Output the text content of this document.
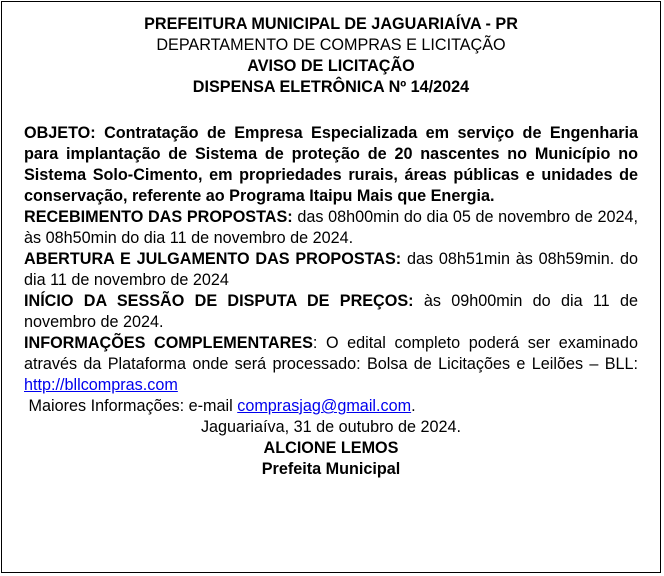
PREFEITURA MUNICIPAL DE JAGUARIAÍVA - PR
DEPARTAMENTO DE COMPRAS E LICITAÇÃO
AVISO DE LICITAÇÃO
DISPENSA ELETRÔNICA Nº 14/2024

OBJETO: Contratação de Empresa Especializada em serviço de Engenharia para implantação de Sistema de proteção de 20 nascentes no Município no Sistema Solo-Cimento, em propriedades rurais, áreas públicas e unidades de conservação, referente ao Programa Itaipu Mais que Energia.

RECEBIMENTO DAS PROPOSTAS: das 08h00min do dia 05 de novembro de 2024, às 08h50min do dia 11 de novembro de 2024.

ABERTURA E JULGAMENTO DAS PROPOSTAS: das 08h51min às 08h59min. do dia 11 de novembro de 2024

INÍCIO DA SESSÃO DE DISPUTA DE PREÇOS: às 09h00min do dia 11 de novembro de 2024.

INFORMAÇÕES COMPLEMENTARES: O edital completo poderá ser examinado através da Plataforma onde será processado: Bolsa de Licitações e Leilões – BLL: http://bllcompras.com

Maiores Informações: e-mail comprasjag@gmail.com.

Jaguariaíva, 31 de outubro de 2024.

ALCIONE LEMOS

Prefeita Municipal
